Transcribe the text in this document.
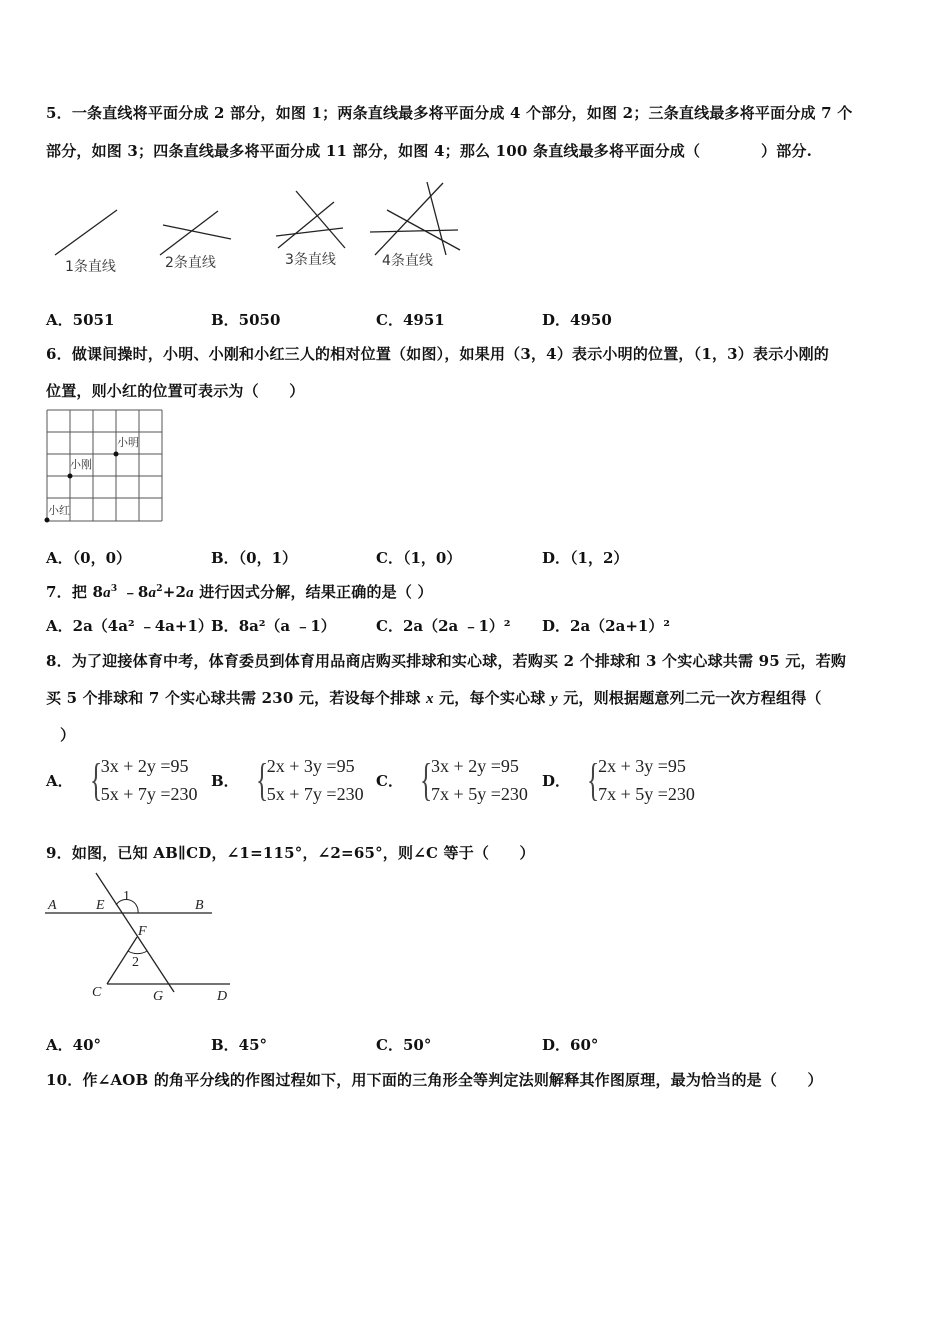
5．一条直线将平面分成 2 部分，如图 1；两条直线最多将平面分成 4 个部分，如图 2；三条直线最多将平面分成 7 个
部分，如图 3；四条直线最多将平面分成 11 部分，如图 4；那么 100 条直线最多将平面分成（　　　　）部分.
1条直线	2条直线	3条直线	4条直线
A．5051	B．5050	C．4951	D．4950
6．做课间操时，小明、小刚和小红三人的相对位置（如图），如果用（3，4）表示小明的位置，（1，3）表示小刚的
位置，则小红的位置可表示为（　　）
小明
小刚
小红
A．（0，0）	B．（0，1）	C．（1，0）	D．（1，2）
7．把 $8a^3$ $﹣8a^2+2a$ 进行因式分解，结果正确的是（ ）
A．2a（4a² ﹣4a+1）
B．8a²（a ﹣1）	C．2a（2a ﹣1）² D．2a（2a+1）²
8．为了迎接体育中考，体育委员到体育用品商店购买排球和实心球，若购买 2 个排球和 3 个实心球共需 95 元，若购
买 5 个排球和 7 个实心球共需 230 元，若设每个排球 x 元，每个实心球 y 元，则根据题意列二元一次方程组得（
）
A． {
3x + 2y =95
5x + 7y =230
B． {
2x + 3y =95
5x + 7y =230
C． {
3x + 2y =95
7x + 5y =230
D． {
2x + 3y =95
7x + 5y =230
9．如图，已知 AB∥CD，∠1=115°，∠2=65°，则∠C 等于（　　）
A	E
1
B
F
2
C	G	D
A．40°	B．45°	C．50°	D．60°
10．作∠AOB 的角平分线的作图过程如下，用下面的三角形全等判定法则解释其作图原理，最为恰当的是（　　）
